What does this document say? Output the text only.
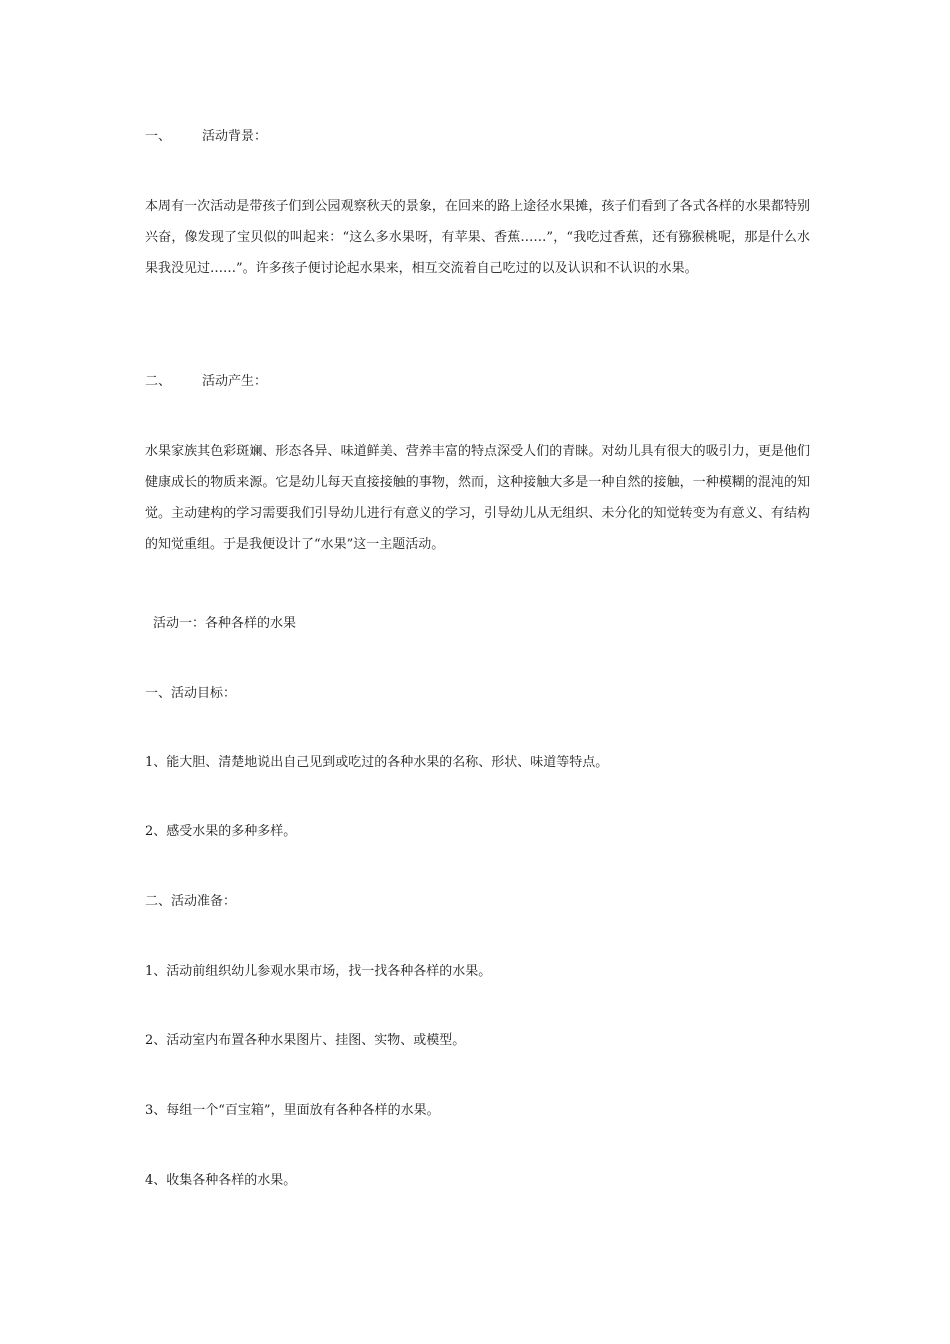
一、 活动背景：
本周有一次活动是带孩子们到公园观察秋天的景象，在回来的路上途径水果摊，孩子们看到了各式各样的水果都特别兴奋，像发现了宝贝似的叫起来：“这么多水果呀，有苹果、香蕉……”，“我吃过香蕉，还有猕猴桃呢，那是什么水果我没见过……”。许多孩子便讨论起水果来，相互交流着自己吃过的以及认识和不认识的水果。
二、 活动产生：
水果家族其色彩斑斓、形态各异、味道鲜美、营养丰富的特点深受人们的青睐。对幼儿具有很大的吸引力，更是他们健康成长的物质来源。它是幼儿每天直接接触的事物，然而，这种接触大多是一种自然的接触，一种模糊的混沌的知觉。主动建构的学习需要我们引导幼儿进行有意义的学习，引导幼儿从无组织、未分化的知觉转变为有意义、有结构的知觉重组。于是我便设计了“水果”这一主题活动。
活动一：各种各样的水果
一、活动目标：
1、能大胆、清楚地说出自己见到或吃过的各种水果的名称、形状、味道等特点。
2、感受水果的多种多样。
二、活动准备：
1、活动前组织幼儿参观水果市场，找一找各种各样的水果。
2、活动室内布置各种水果图片、挂图、实物、或模型。
3、每组一个“百宝箱”，里面放有各种各样的水果。
4、收集各种各样的水果。
